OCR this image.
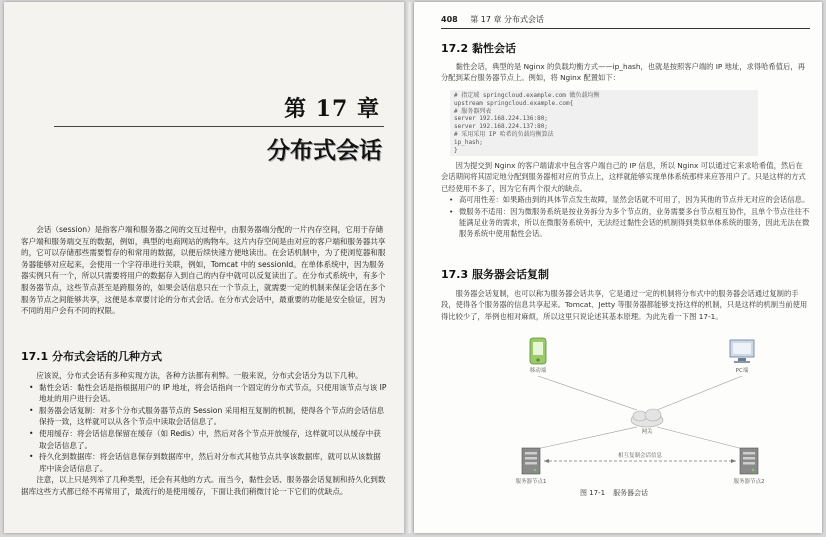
第 17 章
分布式会话

会话（session）是指客户端和服务器之间的交互过程中，由服务器端分配的一片内存空间，它用于存储客户端和服务端交互的数据，例如，典型的电商网站的购物车。这片内存空间是由对应的客户端和服务器共享的，它可以存储那些需要暂存的和常用的数据，以便后续快速方便地读出。在会话机制中，为了使浏览器和服务器能够对应起来，会使用一个字符串进行关联，例如，Tomcat 中的 sessionId。在单体系统中，因为服务器实例只有一个，所以只需要将用户的数据存入到自己的内存中就可以反复读出了。在分布式系统中，有多个服务器节点，这些节点甚至是跨服务的，如果会话信息只在一个节点上，就需要一定的机制来保证会话在多个服务节点之间能够共享，这便是本章要讨论的分布式会话。在分布式会话中，最重要的功能是安全验证，因为不同的用户会有不同的权限。

17.1 分布式会话的几种方式

应该说，分布式会话有多种实现方法，各种方法都有利弊。一般来说，分布式会话分为以下几种。

• 黏性会话：黏性会话是指根据用户的 IP 地址，将会话指向一个固定的分布式节点，只使用该节点与该 IP 地址的用户进行会话。
• 服务器会话复制：对多个分布式服务器节点的 Session 采用相互复制的机制，使得各个节点的会话信息保持一致，这样就可以从各个节点中读取会话信息了。
• 使用缓存：将会话信息保留在缓存（如 Redis）中，然后对各个节点开放缓存，这样就可以从缓存中获取会话信息了。
• 持久化到数据库：将会话信息保存到数据库中，然后对分布式其他节点共享该数据库，就可以从该数据库中读会话信息了。

注意，以上只是列举了几种类型，还会有其他的方式。而当今，黏性会话、服务器会话复制和持久化到数据库这些方式都已经不再常用了，最流行的是使用缓存，下面让我们稍微讨论一下它们的优缺点。

408 第 17 章 分布式会话
17.2 黏性会话

黏性会话，典型的是 Nginx 的负载均衡方式——ip_hash，也就是按照客户端的 IP 地址，求得哈希值后，再分配到某台服务器节点上。例如，将 Nginx 配置如下：

# 指定域 springcloud.example.com 做负载均衡
upstream springcloud.example.com{
# 服务器列表
server 192.168.224.136:80;
server 192.168.224.137:80;
# 采用采用 IP 哈希的负载均衡算法
ip_hash;
}

因为提交到 Nginx 的客户端请求中包含客户端自己的 IP 信息，所以 Nginx 可以通过它来求哈希值，然后在会话期间将其固定地分配到服务器相对应的节点上，这样就能够实现单体系统那样来应答用户了。只是这样的方式已经使用不多了，因为它有两个很大的缺点。

• 高可用性差：如果路由到的具体节点发生故障，显然会话就不可用了，因为其他的节点并无对应的会话信息。
• 微服务不适用：因为微服务系统是按业务拆分为多个节点的，业务需要多台节点相互协作，且单个节点往往不能满足业务的需求，所以在微服务系统中，无法经过黏性会话的机制得到类似单体系统的服务，因此无法在微服务系统中使用黏性会话。
17.3 服务器会话复制

服务器会话复制，也可以称为服务器会话共享，它是通过一定的机制将分布式中的服务器会话通过复制的手段，使得各个服务器的信息共享起来。Tomcat、Jetty 等服务器都能够支持这样的机制，只是这样的机制当前使用得比较少了，举例也相对麻烦，所以这里只说论述其基本原理。为此先看一下图 17-1。

移动端	PC端
网关
服务器节点1	服务器节点2
相互复制会话信息
图 17-1 服务器会话
